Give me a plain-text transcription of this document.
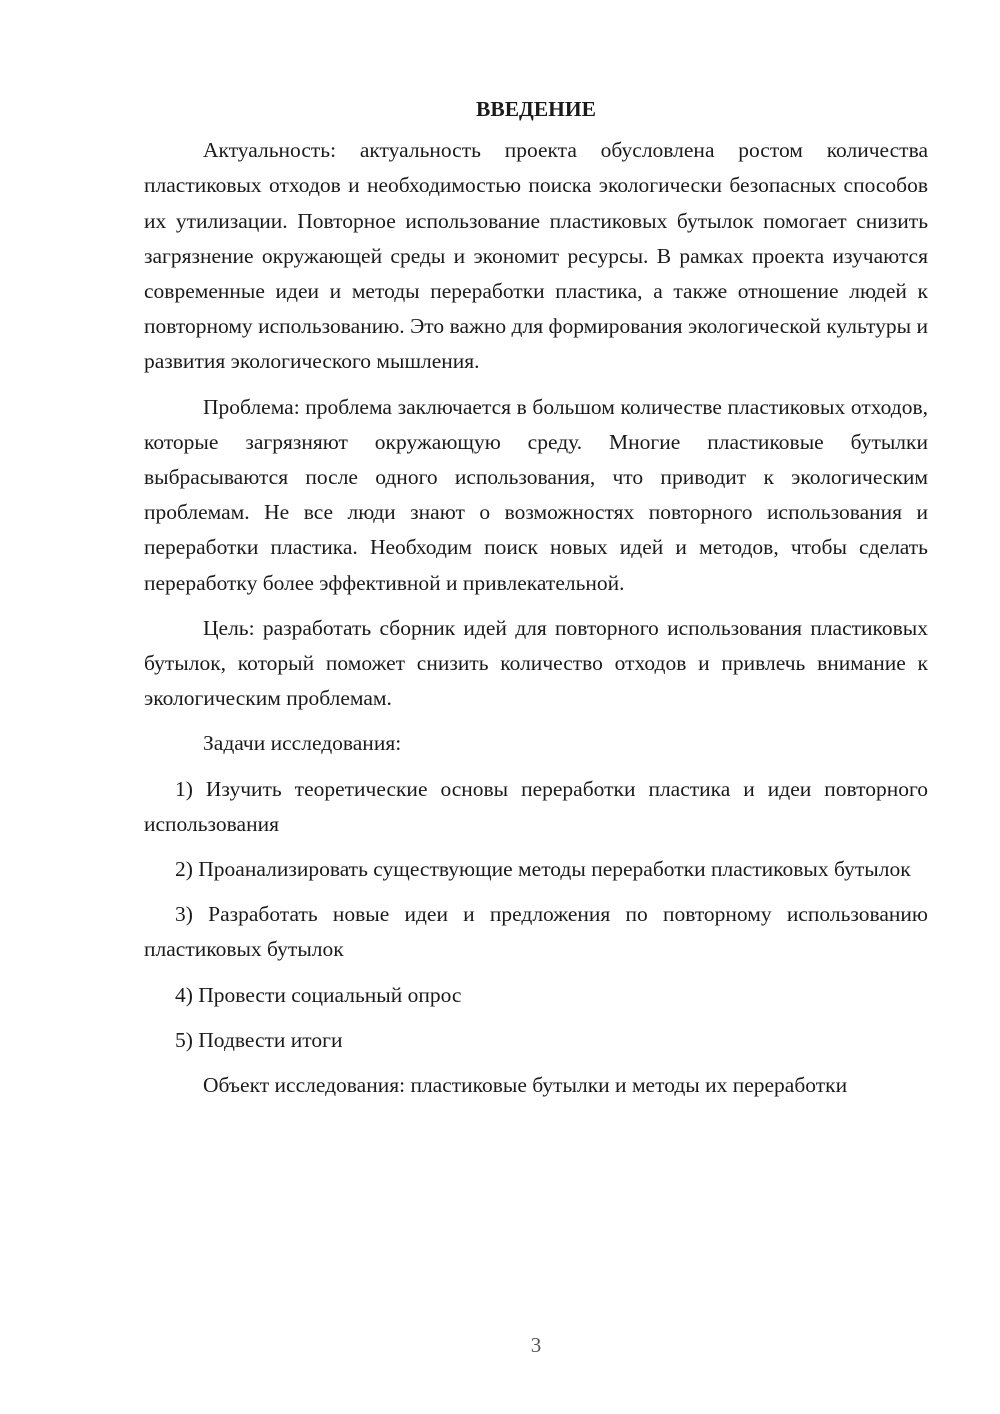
ВВЕДЕНИЕ

Актуальность: актуальность проекта обусловлена ростом количества пластиковых отходов и необходимостью поиска экологически безопасных способов их утилизации. Повторное использование пластиковых бутылок помогает снизить загрязнение окружающей среды и экономит ресурсы. В рамках проекта изучаются современные идеи и методы переработки пластика, а также отношение людей к повторному использованию. Это важно для формирования экологической культуры и развития экологического мышления.

Проблема: проблема заключается в большом количестве пластиковых отходов, которые загрязняют окружающую среду. Многие пластиковые бутылки выбрасываются после одного использования, что приводит к экологическим проблемам. Не все люди знают о возможностях повторного использования и переработки пластика. Необходим поиск новых идей и методов, чтобы сделать переработку более эффективной и привлекательной.

Цель: разработать сборник идей для повторного использования пластиковых бутылок, который поможет снизить количество отходов и привлечь внимание к экологическим проблемам.

Задачи исследования:

1) Изучить теоретические основы переработки пластика и идеи повторного использования

2) Проанализировать существующие методы переработки пластиковых бутылок

3) Разработать новые идеи и предложения по повторному использованию пластиковых бутылок

4) Провести социальный опрос

5) Подвести итоги

Объект исследования: пластиковые бутылки и методы их переработки

3
